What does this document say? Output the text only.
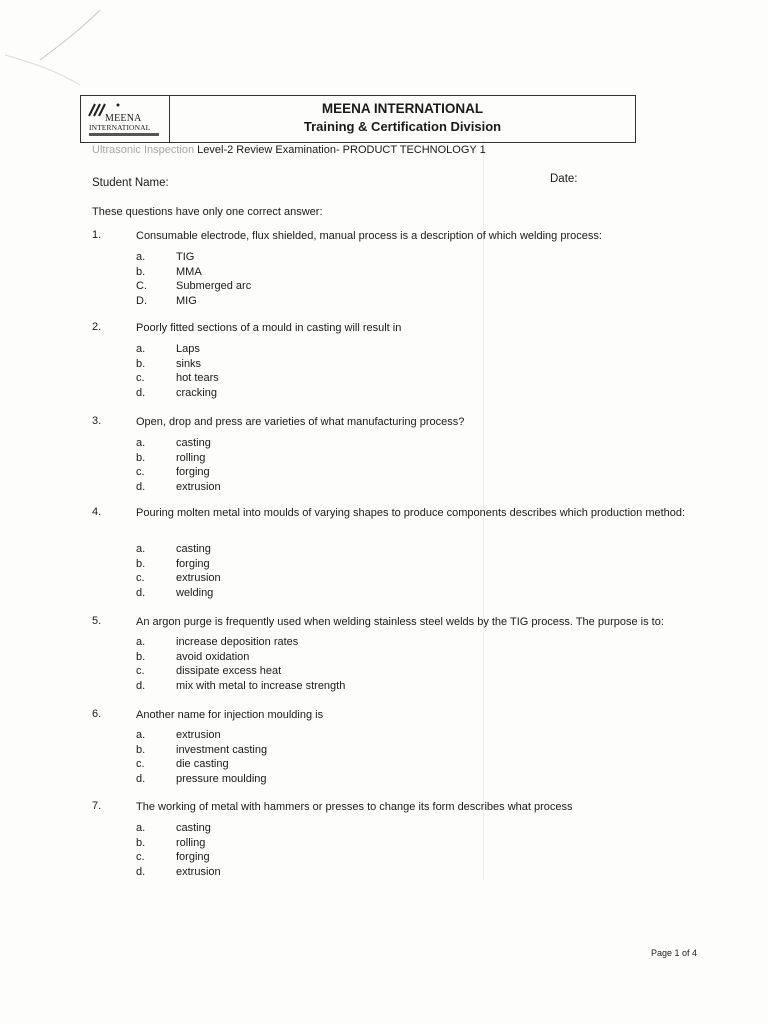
MEENA
INTERNATIONAL
MEENA INTERNATIONAL
Training & Certification Division
Ultrasonic Inspection Level-2 Review Examination- PRODUCT TECHNOLOGY 1
Student Name:	Date:
These questions have only one correct answer:
1.	Consumable electrode, flux shielded, manual process is a description of which welding process:
a.	TIG
b.	MMA
C.	Submerged arc
D.	MIG
2.	Poorly fitted sections of a mould in casting will result in
a.	Laps
b.	sinks
c.	hot tears
d.	cracking
3.	Open, drop and press are varieties of what manufacturing process?
a.	casting
b.	rolling
c.	forging
d.	extrusion
4.	Pouring molten metal into moulds of varying shapes to produce components describes which production method:
a.	casting
b.	forging
c.	extrusion
d.	welding
5.	An argon purge is frequently used when welding stainless steel welds by the TIG process. The purpose is to:
a.	increase deposition rates
b.	avoid oxidation
c.	dissipate excess heat
d.	mix with metal to increase strength
6.	Another name for injection moulding is
a.	extrusion
b.	investment casting
c.	die casting
d.	pressure moulding
7.	The working of metal with hammers or presses to change its form describes what process
a.	casting
b.	rolling
c.	forging
d.	extrusion
Page 1 of 4
